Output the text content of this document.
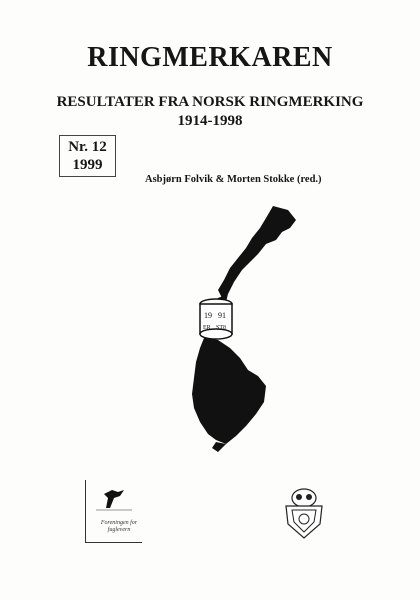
RINGMERKAREN
RESULTATER FRA NORSK RINGMERKING
1914-1998
Nr. 12
1999
Asbjørn Folvik & Morten Stokke (red.)
19 91
ER ST8
Foreningen for fuglevern
